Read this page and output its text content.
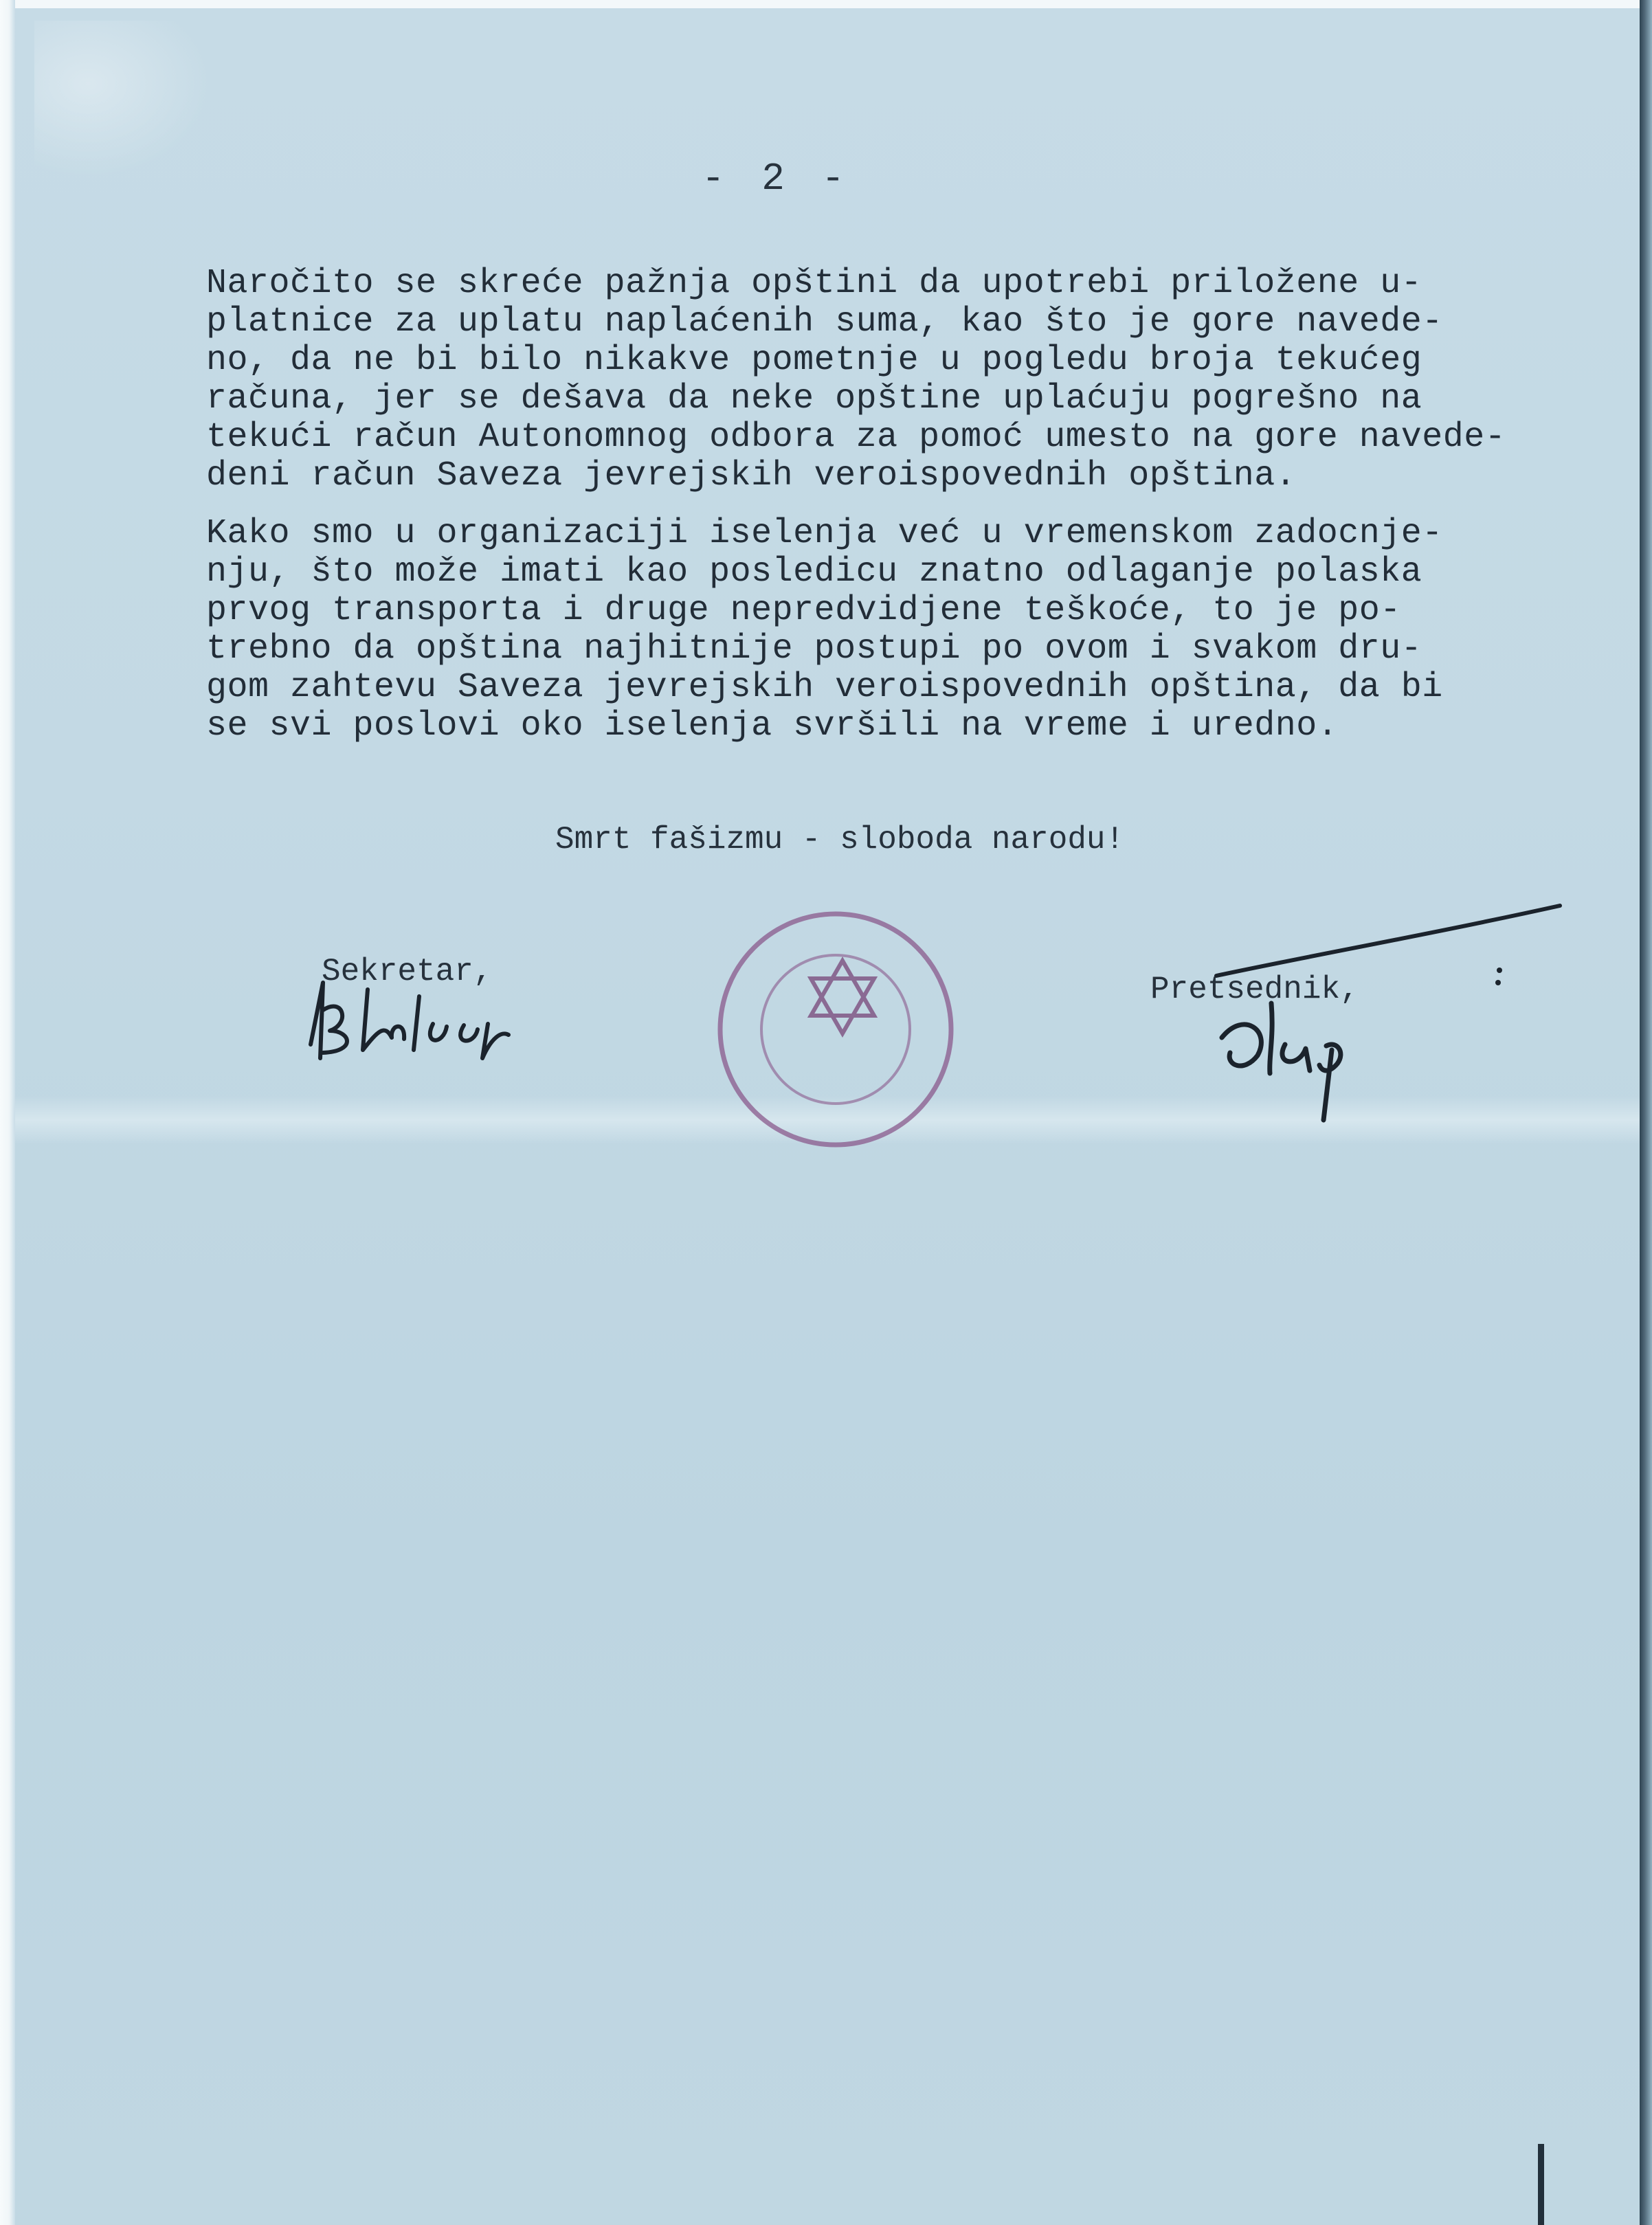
- 2 -

Naročito se skreće pažnja opštini da upotrebi priložene u-

platnice za uplatu naplaćenih suma, kao što je gore navede-

no, da ne bi bilo nikakve pometnje u pogledu broja tekućeg

računa, jer se dešava da neke opštine uplaćuju pogrešno na

tekući račun Autonomnog odbora za pomoć umesto na gore navede-

deni račun Saveza jevrejskih veroispovednih opština.

Kako smo u organizaciji iselenja već u vremenskom zadocnje-

nju, što može imati kao posledicu znatno odlaganje polaska

prvog transporta i druge nepredvidjene teškoće, to je po-

trebno da opština najhitnije postupi po ovom i svakom dru-

gom zahtevu Saveza jevrejskih veroispovednih opština, da bi

se svi poslovi oko iselenja svršili na vreme i uredno.

Smrt fašizmu - sloboda narodu!

Sekretar,	Pretsednik,
